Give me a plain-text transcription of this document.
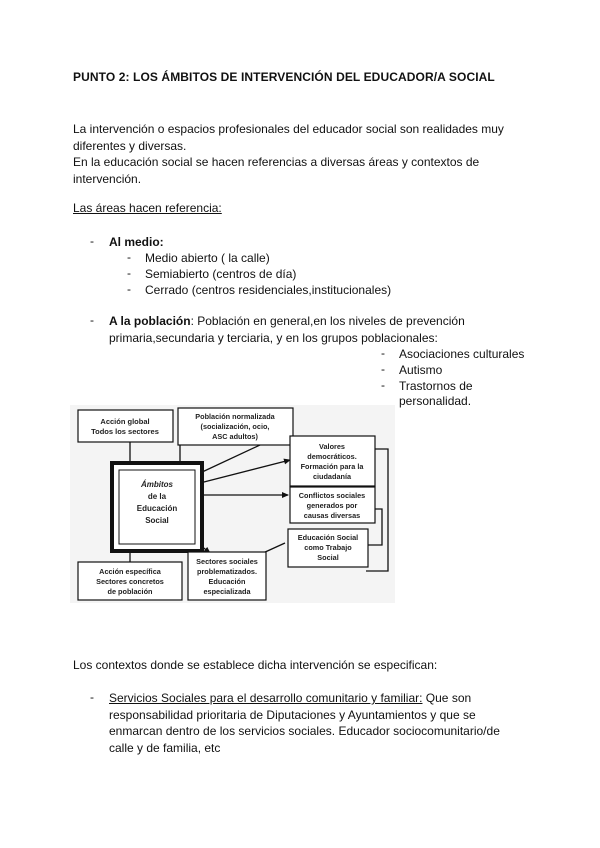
PUNTO 2: LOS ÁMBITOS DE INTERVENCIÓN DEL EDUCADOR/A SOCIAL
La intervención o espacios profesionales del educador social son realidades muy
diferentes y diversas.
En la educación social se hacen referencias a diversas áreas y contextos de
intervención.
Las áreas hacen referencia:
- Al medio:
- Medio abierto ( la calle)
- Semiabierto (centros de día)
- Cerrado (centros residenciales,institucionales)
- A la población: Población en general,en los niveles de prevención
primaria,secundaria y terciaria, y en los grupos poblacionales:
- Asociaciones culturales
- Autismo
- Trastornos de
personalidad.
Acción global
Todos los sectores
Población normalizada
(socialización, ocio,
ASC adultos)
Ámbitos
de la
Educación
Social
Valores
democráticos.
Formación para la
ciudadanía
Conflictos sociales
generados por
causas diversas
Educación Social
como Trabajo
Social
Sectores sociales
problematizados.
Educación
especializada
Acción específica
Sectores concretos
de población
Los contextos donde se establece dicha intervención se especifican:
- Servicios Sociales para el desarrollo comunitario y familiar: Que son
responsabilidad prioritaria de Diputaciones y Ayuntamientos y que se
enmarcan dentro de los servicios sociales. Educador sociocomunitario/de
calle y de familia, etc
